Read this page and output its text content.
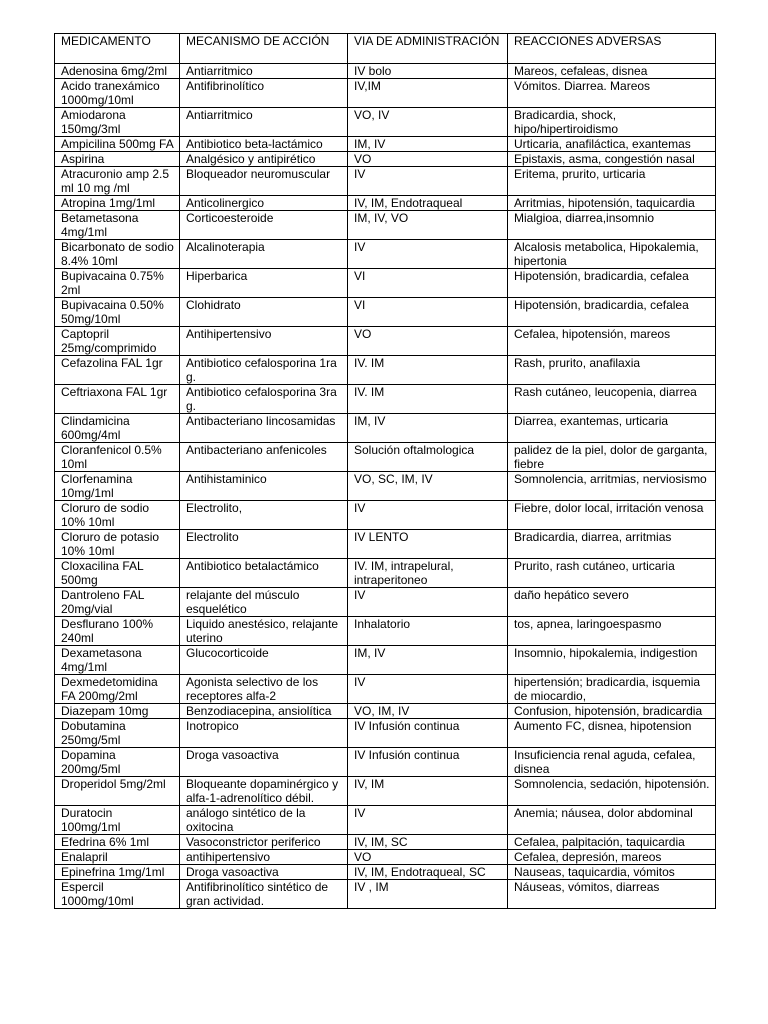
MEDICAMENTO	MECANISMO DE ACCIÓN	VIA DE ADMINISTRACIÓN	REACCIONES ADVERSAS
Adenosina 6mg/2ml	Antiarritmico	IV bolo	Mareos, cefaleas, disnea
Acido tranexámico 1000mg/10ml	Antifibrinolítico	IV,IM	Vómitos. Diarrea. Mareos
Amiodarona 150mg/3ml	Antiarritmico	VO, IV	Bradicardia, shock, hipo/hipertiroidismo
Ampicilina 500mg FA	Antibiotico beta-lactámico	IM, IV	Urticaria, anafiláctica, exantemas
Aspirina	Analgésico y antipirético	VO	Epistaxis, asma, congestión nasal
Atracuronio amp 2.5 ml 10 mg /ml	Bloqueador neuromuscular	IV	Eritema, prurito, urticaria
Atropina 1mg/1ml	Anticolinergico	IV, IM, Endotraqueal	Arritmias, hipotensión, taquicardia
Betametasona 4mg/1ml	Corticoesteroide	IM, IV, VO	Mialgioa, diarrea,insomnio
Bicarbonato de sodio 8.4% 10ml	Alcalinoterapia	IV	Alcalosis metabolica, Hipokalemia, hipertonia
Bupivacaina 0.75% 2ml	Hiperbarica	VI	Hipotensión, bradicardia, cefalea
Bupivacaina 0.50% 50mg/10ml	Clohidrato	VI	Hipotensión, bradicardia, cefalea
Captopril 25mg/comprimido	Antihipertensivo	VO	Cefalea, hipotensión, mareos
Cefazolina FAL 1gr	Antibiotico cefalosporina 1ra g.	IV. IM	Rash, prurito, anafilaxia
Ceftriaxona FAL 1gr	Antibiotico cefalosporina 3ra g.	IV. IM	Rash cutáneo, leucopenia, diarrea
Clindamicina 600mg/4ml	Antibacteriano lincosamidas	IM, IV	Diarrea, exantemas, urticaria
Cloranfenicol 0.5% 10ml	Antibacteriano anfenicoles	Solución oftalmologica	palidez de la piel, dolor de garganta, fiebre
Clorfenamina 10mg/1ml	Antihistaminico	VO, SC, IM, IV	Somnolencia, arritmias, nerviosismo
Cloruro de sodio 10% 10ml	Electrolito,	IV	Fiebre, dolor local, irritación venosa
Cloruro de potasio 10% 10ml	Electrolito	IV LENTO	Bradicardia, diarrea, arritmias
Cloxacilina FAL 500mg	Antibiotico betalactámico	IV. IM, intrapelural, intraperitoneo	Prurito, rash cutáneo, urticaria
Dantroleno FAL 20mg/vial	relajante del músculo esquelético	IV	daño hepático severo
Desflurano 100% 240ml	Liquido anestésico, relajante uterino	Inhalatorio	tos, apnea, laringoespasmo
Dexametasona 4mg/1ml	Glucocorticoide	IM, IV	Insomnio, hipokalemia, indigestion
Dexmedetomidina FA 200mg/2ml	Agonista selectivo de los receptores alfa-2	IV	hipertensión; bradicardia, isquemia de miocardio,
Diazepam 10mg	Benzodiacepina, ansiolítica	VO, IM, IV	Confusion, hipotensión, bradicardia
Dobutamina 250mg/5ml	Inotropico	IV Infusión continua	Aumento FC, disnea, hipotension
Dopamina 200mg/5ml	Droga vasoactiva	IV Infusión continua	Insuficiencia renal aguda, cefalea, disnea
Droperidol 5mg/2ml	Bloqueante dopaminérgico y alfa-1-adrenolítico débil.	IV, IM	Somnolencia, sedación, hipotensión.
Duratocin 100mg/1ml	análogo sintético de la oxitocina	IV	Anemia; náusea, dolor abdominal
Efedrina 6% 1ml	Vasoconstrictor periferico	IV, IM, SC	Cefalea, palpitación, taquicardia
Enalapril	antihipertensivo	VO	Cefalea, depresión, mareos
Epinefrina 1mg/1ml	Droga vasoactiva	IV, IM, Endotraqueal, SC	Nauseas, taquicardia, vómitos
Espercil 1000mg/10ml	Antifibrinolítico sintético de gran actividad.	IV , IM	Náuseas, vómitos, diarreas
